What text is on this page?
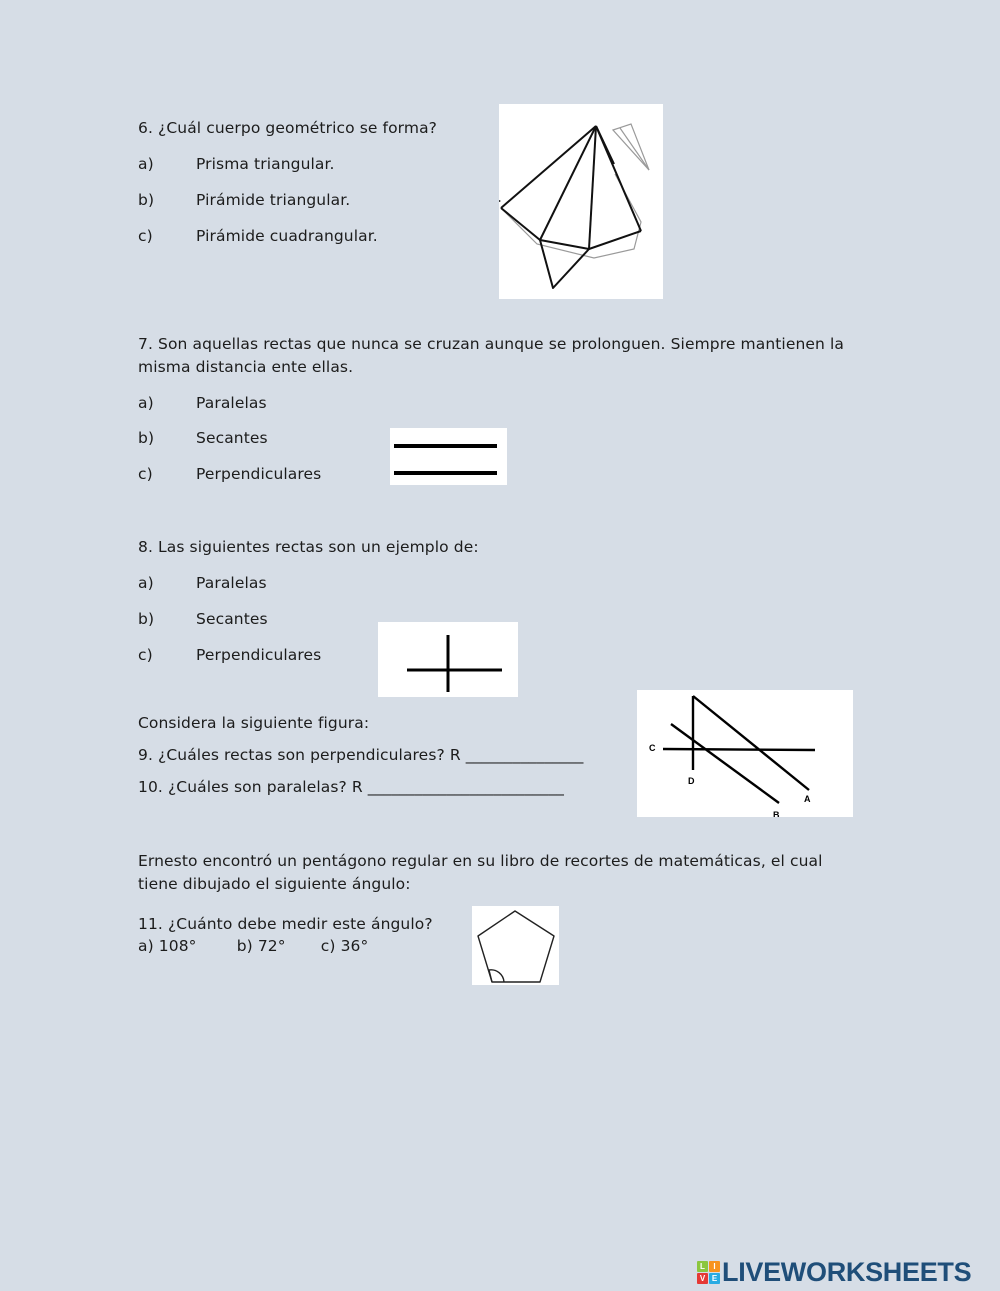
6. ¿Cuál cuerpo geométrico se forma?
a)	Prisma triangular.
b)	Pirámide triangular.
c)	Pirámide cuadrangular.
7. Son aquellas rectas que nunca se cruzan aunque se prolonguen. Siempre mantienen la misma distancia ente ellas.
a)	Paralelas
b)	Secantes
c)	Perpendiculares
8. Las siguientes rectas son un ejemplo de:
a)	Paralelas
b)	Secantes
c)	Perpendiculares
Considera la siguiente figura:
9. ¿Cuáles rectas son perpendiculares? R _______________
10. ¿Cuáles son paralelas? R _________________________
C
D
A
B
Ernesto encontró un pentágono regular en su libro de recortes de matemáticas, el cual tiene dibujado el siguiente ángulo:
11. ¿Cuánto debe medir este ángulo?
a) 108°        b) 72°       c) 36°
L	I
V E LIVEWORKSHEETS
